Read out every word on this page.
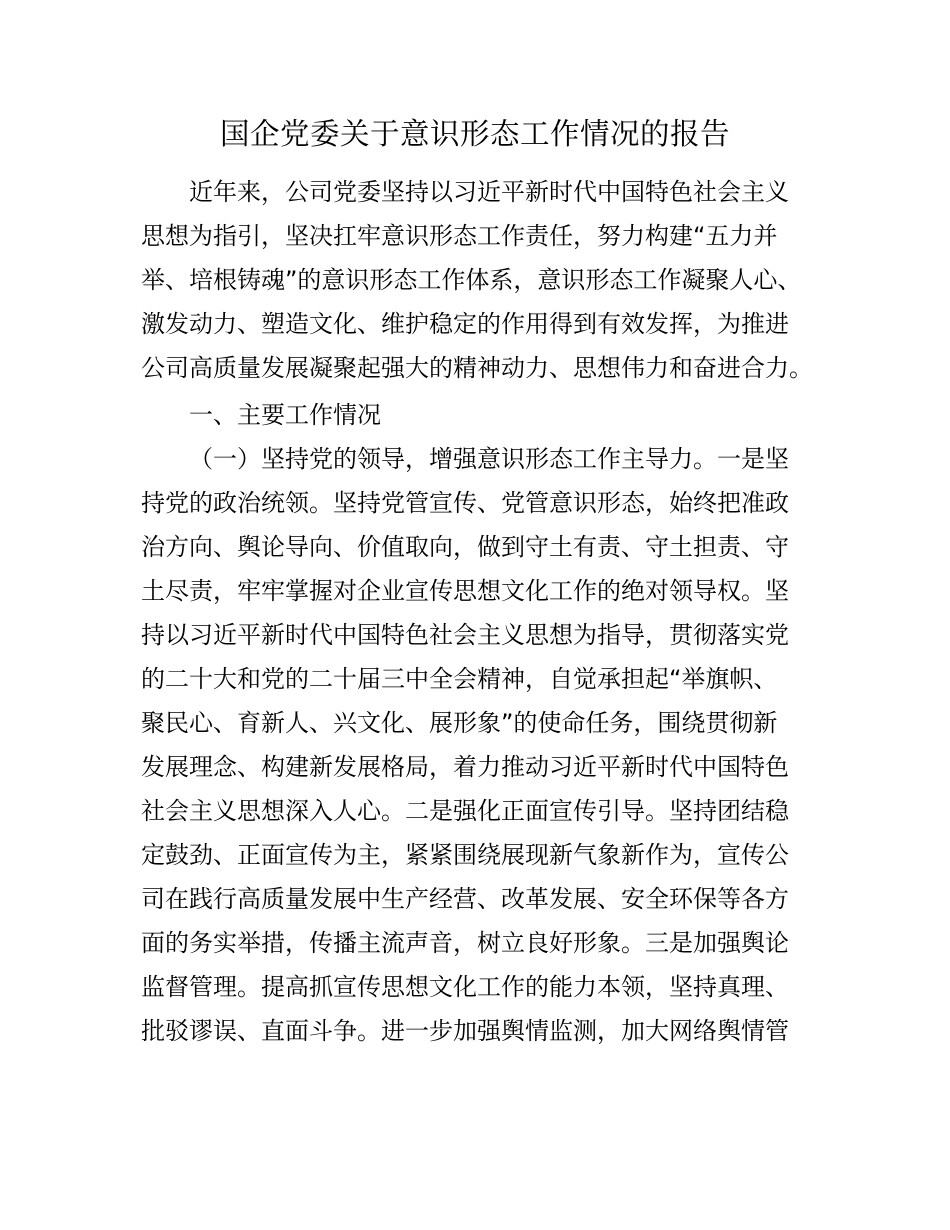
国企党委关于意识形态工作情况的报告
近年来，公司党委坚持以习近平新时代中国特色社会主义
思想为指引，坚决扛牢意识形态工作责任，努力构建“五力并
举、培根铸魂”的意识形态工作体系，意识形态工作凝聚人心、
激发动力、塑造文化、维护稳定的作用得到有效发挥，为推进
公司高质量发展凝聚起强大的精神动力、思想伟力和奋进合力。
一、主要工作情况
（一）坚持党的领导，增强意识形态工作主导力。一是坚
持党的政治统领。坚持党管宣传、党管意识形态，始终把准政
治方向、舆论导向、价值取向，做到守土有责、守土担责、守
土尽责，牢牢掌握对企业宣传思想文化工作的绝对领导权。坚
持以习近平新时代中国特色社会主义思想为指导，贯彻落实党
的二十大和党的二十届三中全会精神，自觉承担起“举旗帜、
聚民心、育新人、兴文化、展形象”的使命任务，围绕贯彻新
发展理念、构建新发展格局，着力推动习近平新时代中国特色
社会主义思想深入人心。二是强化正面宣传引导。坚持团结稳
定鼓劲、正面宣传为主，紧紧围绕展现新气象新作为，宣传公
司在践行高质量发展中生产经营、改革发展、安全环保等各方
面的务实举措，传播主流声音，树立良好形象。三是加强舆论
监督管理。提高抓宣传思想文化工作的能力本领，坚持真理、
批驳谬误、直面斗争。进一步加强舆情监测，加大网络舆情管
